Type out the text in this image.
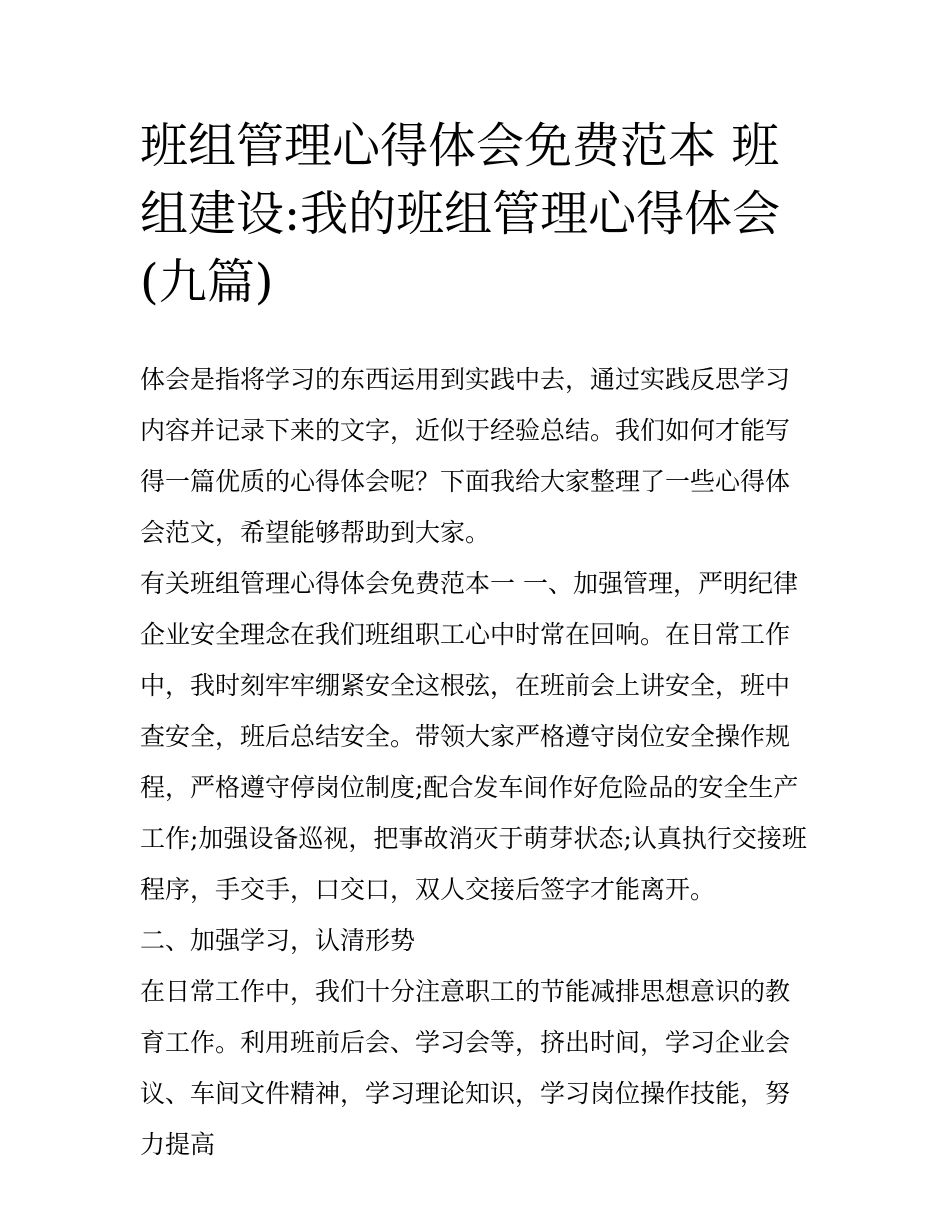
班组管理心得体会免费范本 班组建设:我的班组管理心得体会(九篇)

体会是指将学习的东西运用到实践中去，通过实践反思学习内容并记录下来的文字，近似于经验总结。我们如何才能写得一篇优质的心得体会呢？下面我给大家整理了一些心得体会范文，希望能够帮助到大家。

有关班组管理心得体会免费范本一 一、加强管理，严明纪律

企业安全理念在我们班组职工心中时常在回响。在日常工作中，我时刻牢牢绷紧安全这根弦，在班前会上讲安全，班中查安全，班后总结安全。带领大家严格遵守岗位安全操作规程，严格遵守停岗位制度;配合发车间作好危险品的安全生产工作;加强设备巡视，把事故消灭于萌芽状态;认真执行交接班程序，手交手，口交口，双人交接后签字才能离开。

二、加强学习，认清形势

在日常工作中，我们十分注意职工的节能减排思想意识的教育工作。利用班前后会、学习会等，挤出时间，学习企业会议、车间文件精神，学习理论知识，学习岗位操作技能，努力提高
